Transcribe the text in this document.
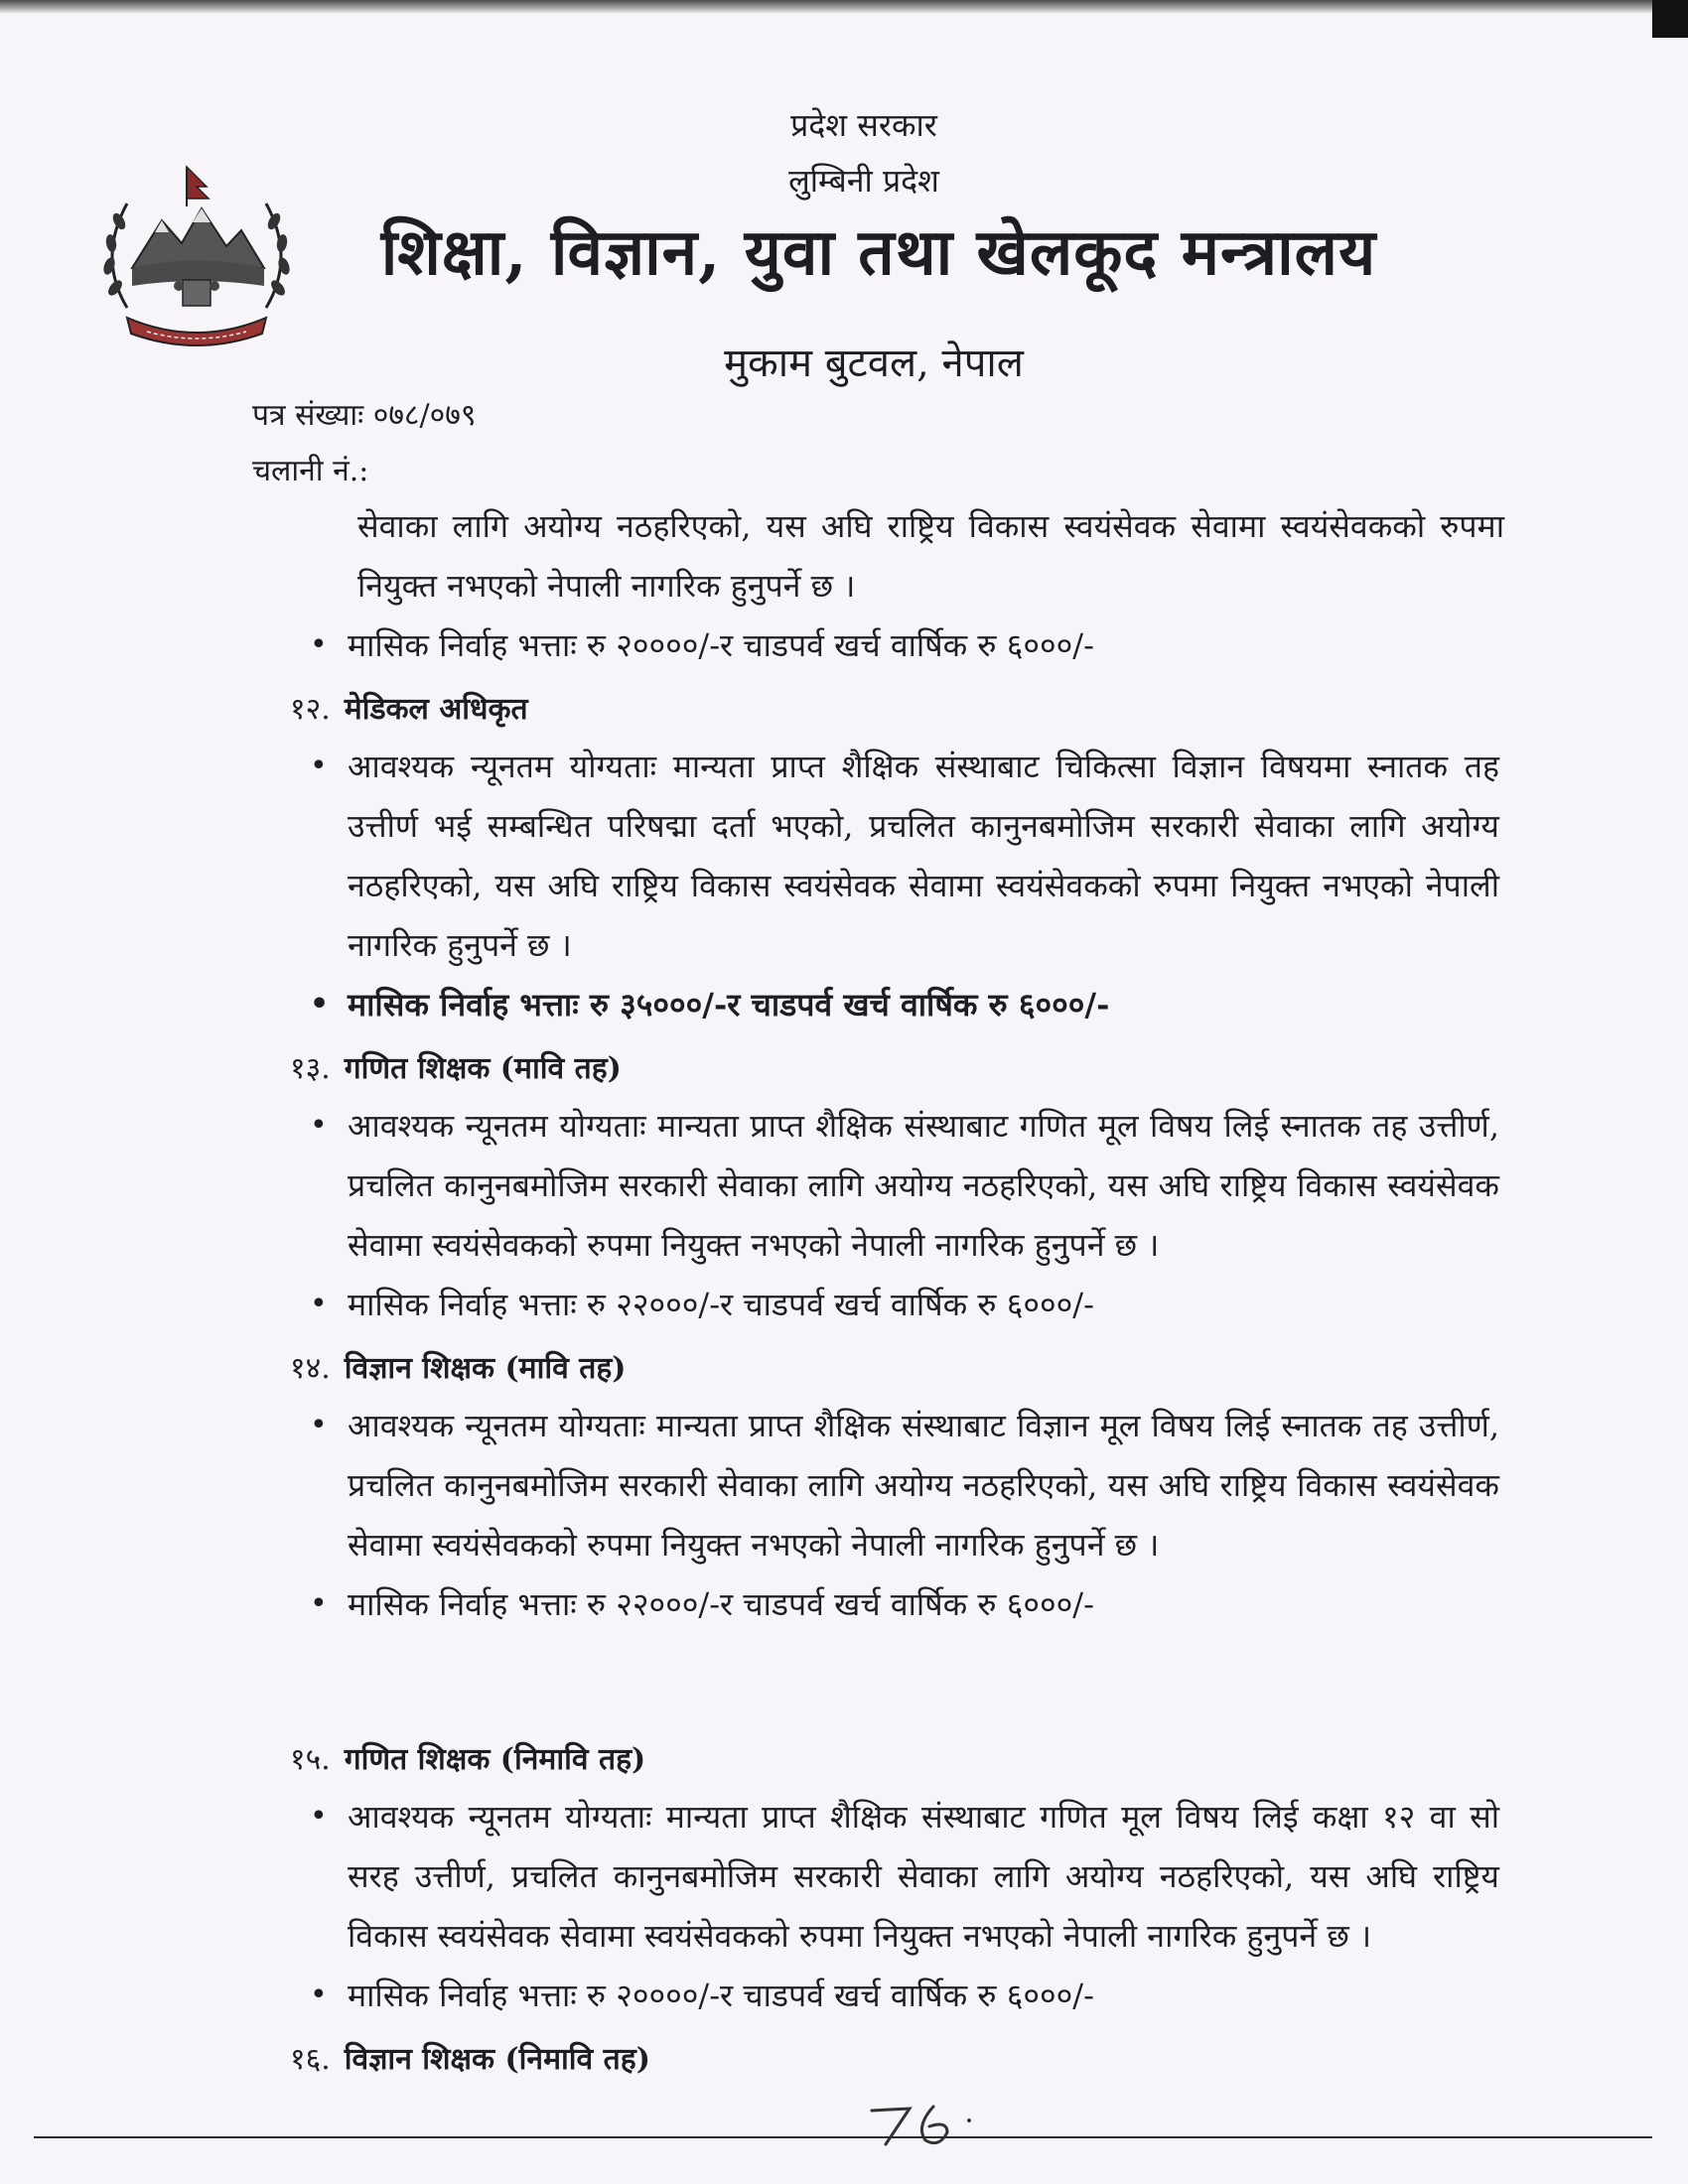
प्रदेश सरकार
लुम्बिनी प्रदेश
शिक्षा, विज्ञान, युवा तथा खेलकूद मन्त्रालय
मुकाम बुटवल, नेपाल
पत्र संख्याः ०७८/०७९
चलानी नं.:
सेवाका लागि अयोग्य नठहरिएको, यस अघि राष्ट्रिय विकास स्वयंसेवक सेवामा स्वयंसेवकको रुपमा नियुक्त नभएको नेपाली नागरिक हुनुपर्ने छ ।
• मासिक निर्वाह भत्ताः रु २००००/-र चाडपर्व खर्च वार्षिक रु ६०००/-
१२. मेडिकल अधिकृत
• आवश्यक न्यूनतम योग्यताः मान्यता प्राप्त शैक्षिक संस्थाबाट चिकित्सा विज्ञान विषयमा स्नातक तह उत्तीर्ण भई सम्बन्धित परिषद्मा दर्ता भएको, प्रचलित कानुनबमोजिम सरकारी सेवाका लागि अयोग्य नठहरिएको, यस अघि राष्ट्रिय विकास स्वयंसेवक सेवामा स्वयंसेवकको रुपमा नियुक्त नभएको नेपाली नागरिक हुनुपर्ने छ ।
• मासिक निर्वाह भत्ताः रु ३५०००/-र चाडपर्व खर्च वार्षिक रु ६०००/-
१३. गणित शिक्षक (मावि तह)
• आवश्यक न्यूनतम योग्यताः मान्यता प्राप्त शैक्षिक संस्थाबाट गणित मूल विषय लिई स्नातक तह उत्तीर्ण, प्रचलित कानुनबमोजिम सरकारी सेवाका लागि अयोग्य नठहरिएको, यस अघि राष्ट्रिय विकास स्वयंसेवक सेवामा स्वयंसेवकको रुपमा नियुक्त नभएको नेपाली नागरिक हुनुपर्ने छ ।
• मासिक निर्वाह भत्ताः रु २२०००/-र चाडपर्व खर्च वार्षिक रु ६०००/-
१४. विज्ञान शिक्षक (मावि तह)
• आवश्यक न्यूनतम योग्यताः मान्यता प्राप्त शैक्षिक संस्थाबाट विज्ञान मूल विषय लिई स्नातक तह उत्तीर्ण, प्रचलित कानुनबमोजिम सरकारी सेवाका लागि अयोग्य नठहरिएको, यस अघि राष्ट्रिय विकास स्वयंसेवक सेवामा स्वयंसेवकको रुपमा नियुक्त नभएको नेपाली नागरिक हुनुपर्ने छ ।
• मासिक निर्वाह भत्ताः रु २२०००/-र चाडपर्व खर्च वार्षिक रु ६०००/-
१५. गणित शिक्षक (निमावि तह)
• आवश्यक न्यूनतम योग्यताः मान्यता प्राप्त शैक्षिक संस्थाबाट गणित मूल विषय लिई कक्षा १२ वा सो सरह उत्तीर्ण, प्रचलित कानुनबमोजिम सरकारी सेवाका लागि अयोग्य नठहरिएको, यस अघि राष्ट्रिय विकास स्वयंसेवक सेवामा स्वयंसेवकको रुपमा नियुक्त नभएको नेपाली नागरिक हुनुपर्ने छ ।
• मासिक निर्वाह भत्ताः रु २००००/-र चाडपर्व खर्च वार्षिक रु ६०००/-
१६. विज्ञान शिक्षक (निमावि तह)
